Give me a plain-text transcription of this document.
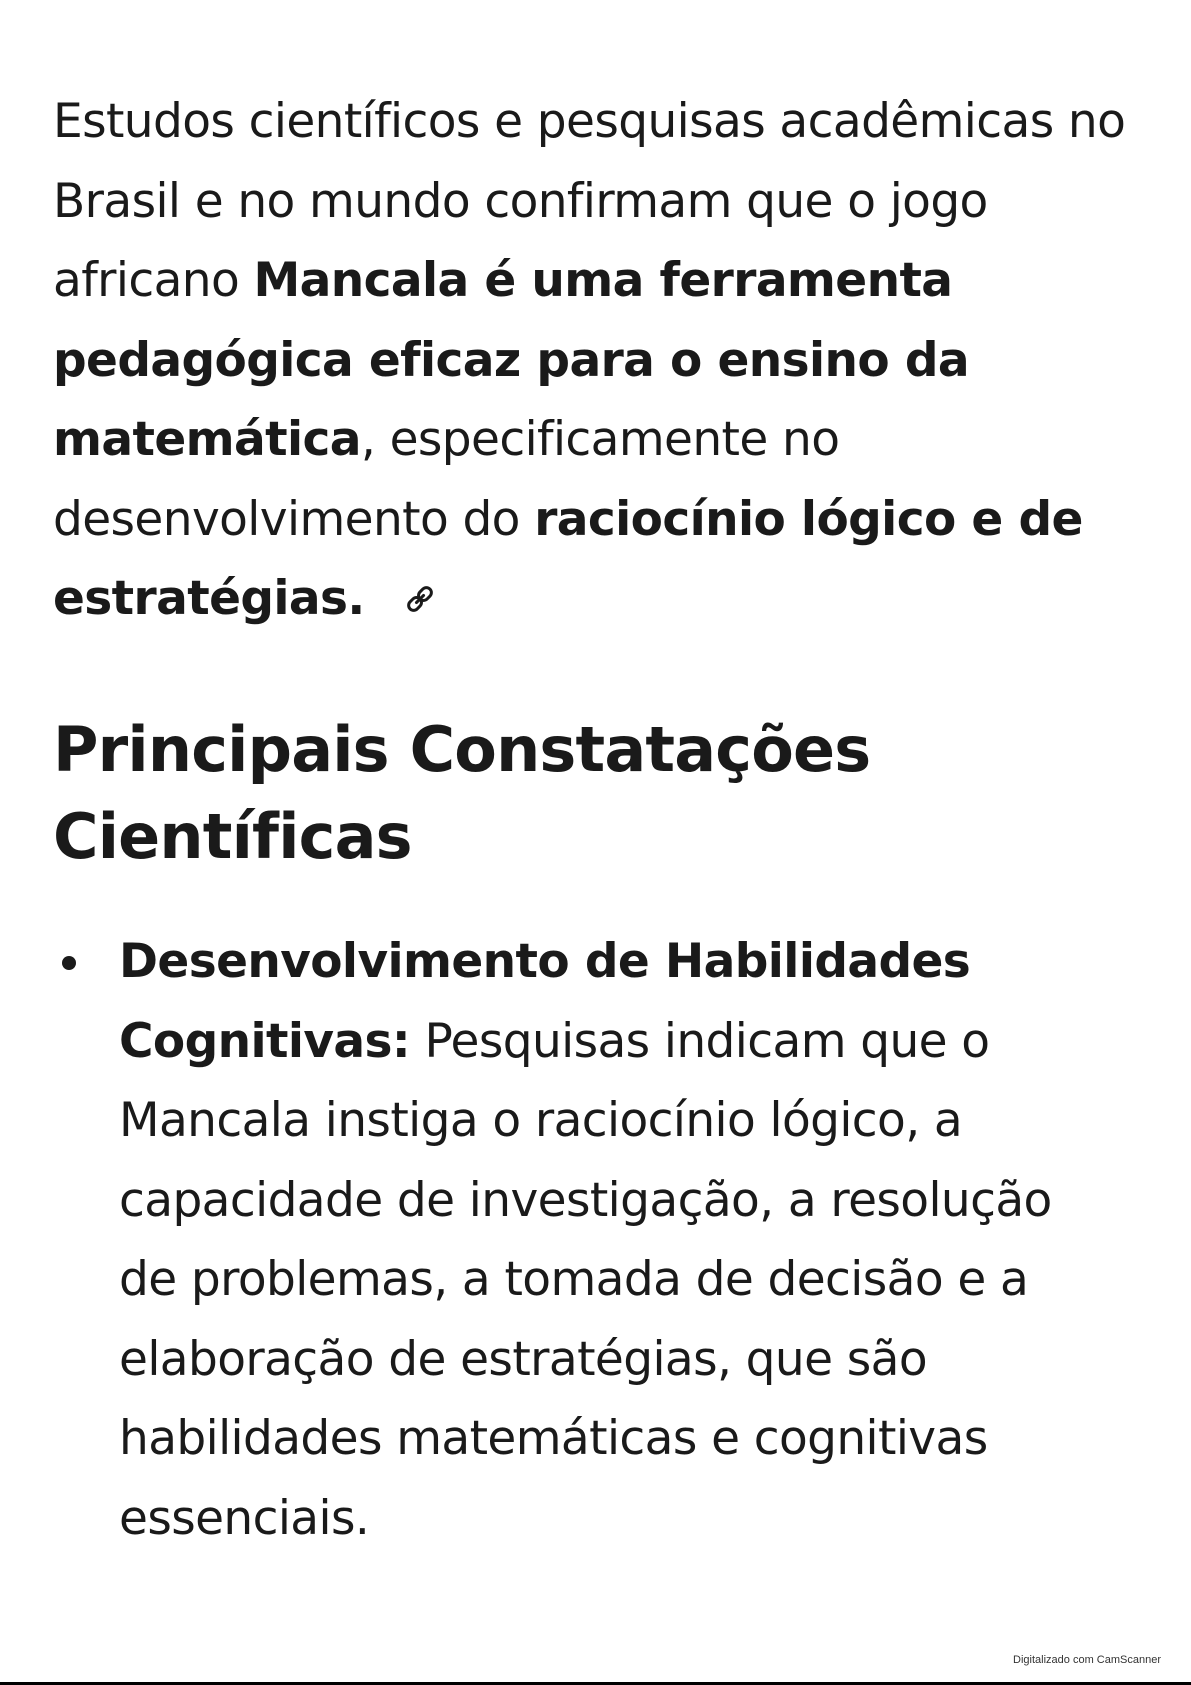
Estudos científicos e pesquisas acadêmicas no Brasil e no mundo confirmam que o jogo africano Mancala é uma ferramenta pedagógica eficaz para o ensino da matemática, especificamente no desenvolvimento do raciocínio lógico e de estratégias.

Principais Constatações Científicas

Desenvolvimento de Habilidades Cognitivas: Pesquisas indicam que o Mancala instiga o raciocínio lógico, a capacidade de investigação, a resolução de problemas, a tomada de decisão e a elaboração de estratégias, que são habilidades matemáticas e cognitivas essenciais.

Digitalizado com CamScanner
